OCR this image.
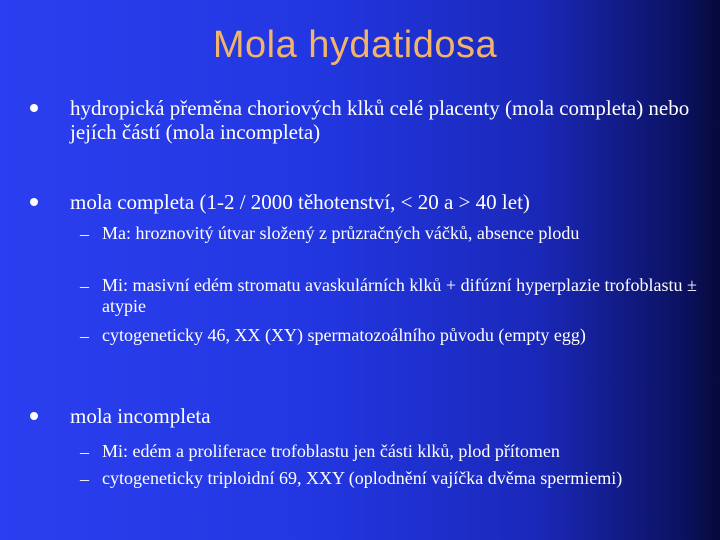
Mola hydatidosa
hydropická přeměna choriových klků celé placenty (mola completa) nebo jejích částí (mola incompleta)
mola completa (1-2 / 2000 těhotenství, < 20 a > 40 let)
– Ma: hroznovitý útvar složený z průzračných váčků, absence plodu
– Mi: masivní edém stromatu avaskulárních klků + difúzní hyperplazie trofoblastu ± atypie
– cytogeneticky 46, XX (XY) spermatozoálního původu (empty egg)
mola incompleta
– Mi: edém a proliferace trofoblastu jen části klků, plod přítomen
– cytogeneticky triploidní 69, XXY (oplodnění vajíčka dvěma spermiemi)
